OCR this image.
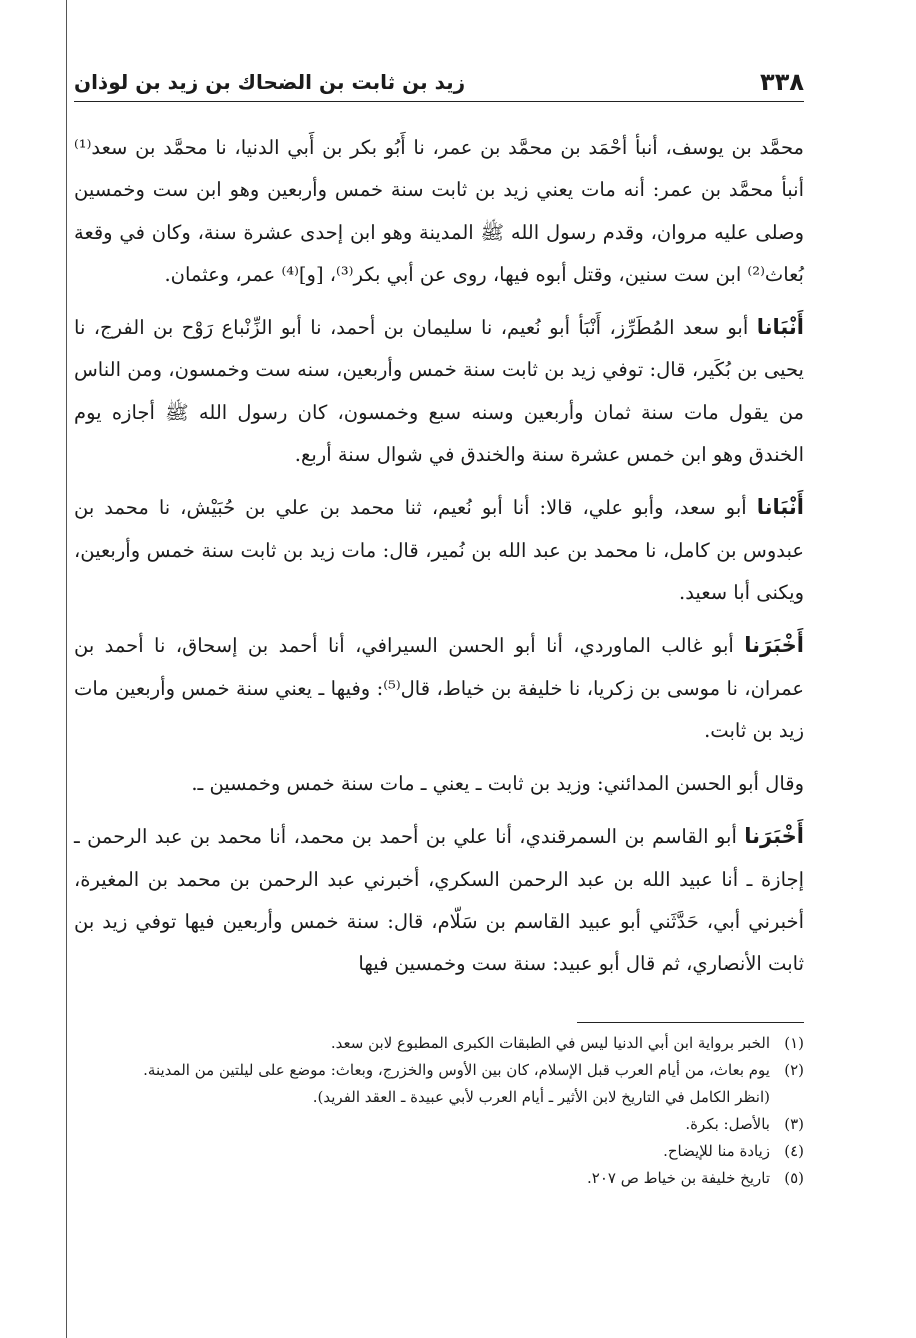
٣٣٨
زيد بن ثابت بن الضحاك بن زيد بن لوذان

محمَّد بن يوسف، أنبأ أحْمَد بن محمَّد بن عمر، نا أَبُو بكر بن أَبي الدنيا، نا محمَّد بن سعد⁽¹⁾ أنبأ محمَّد بن عمر: أنه مات يعني زيد بن ثابت سنة خمس وأربعين وهو ابن ست وخمسين وصلى عليه مروان، وقدم رسول الله ﷺ المدينة وهو ابن إحدى عشرة سنة، وكان في وقعة بُعاث⁽²⁾ ابن ست سنين، وقتل أبوه فيها، روى عن أبي بكر⁽³⁾، [و]⁽⁴⁾ عمر، وعثمان.

أَنْبَانا أبو سعد المُطَرِّز، أَنْبَأ أبو نُعيم، نا سليمان بن أحمد، نا أبو الزِّنْباع رَوْح بن الفرج، نا يحيى بن بُكَير، قال: توفي زيد بن ثابت سنة خمس وأربعين، سنه ست وخمسون، ومن الناس من يقول مات سنة ثمان وأربعين وسنه سبع وخمسون، كان رسول الله ﷺ أجازه يوم الخندق وهو ابن خمس عشرة سنة والخندق في شوال سنة أربع.

أَنْبَانا أبو سعد، وأبو علي، قالا: أنا أبو نُعيم، ثنا محمد بن علي بن حُبَيْش، نا محمد بن عبدوس بن كامل، نا محمد بن عبد الله بن نُمير، قال: مات زيد بن ثابت سنة خمس وأربعين، ويكنى أبا سعيد.

أَخْبَرَنا أبو غالب الماوردي، أنا أبو الحسن السيرافي، أنا أحمد بن إسحاق، نا أحمد بن عمران، نا موسى بن زكريا، نا خليفة بن خياط، قال⁽⁵⁾: وفيها ـ يعني سنة خمس وأربعين مات زيد بن ثابت.

وقال أبو الحسن المدائني: وزيد بن ثابت ـ يعني ـ مات سنة خمس وخمسين ـ.

أَخْبَرَنا أبو القاسم بن السمرقندي، أنا علي بن أحمد بن محمد، أنا محمد بن عبد الرحمن ـ إجازة ـ أنا عبيد الله بن عبد الرحمن السكري، أخبرني عبد الرحمن بن محمد بن المغيرة، أخبرني أبي، حَدَّثَني أبو عبيد القاسم بن سَلّام، قال: سنة خمس وأربعين فيها توفي زيد بن ثابت الأنصاري، ثم قال أبو عبيد: سنة ست وخمسين فيها

(١)
الخبر برواية ابن أبي الدنيا ليس في الطبقات الكبرى المطبوع لابن سعد.
(٢)
يوم بعاث، من أيام العرب قبل الإسلام، كان بين الأوس والخزرج، وبعاث: موضع على ليلتين من المدينة.
(انظر الكامل في التاريخ لابن الأثير ـ أيام العرب لأبي عبيدة ـ العقد الفريد).
(٣)
بالأصل: بكرة.
(٤)
زيادة منا للإيضاح.
(٥)
تاريخ خليفة بن خياط ص ٢٠٧.
